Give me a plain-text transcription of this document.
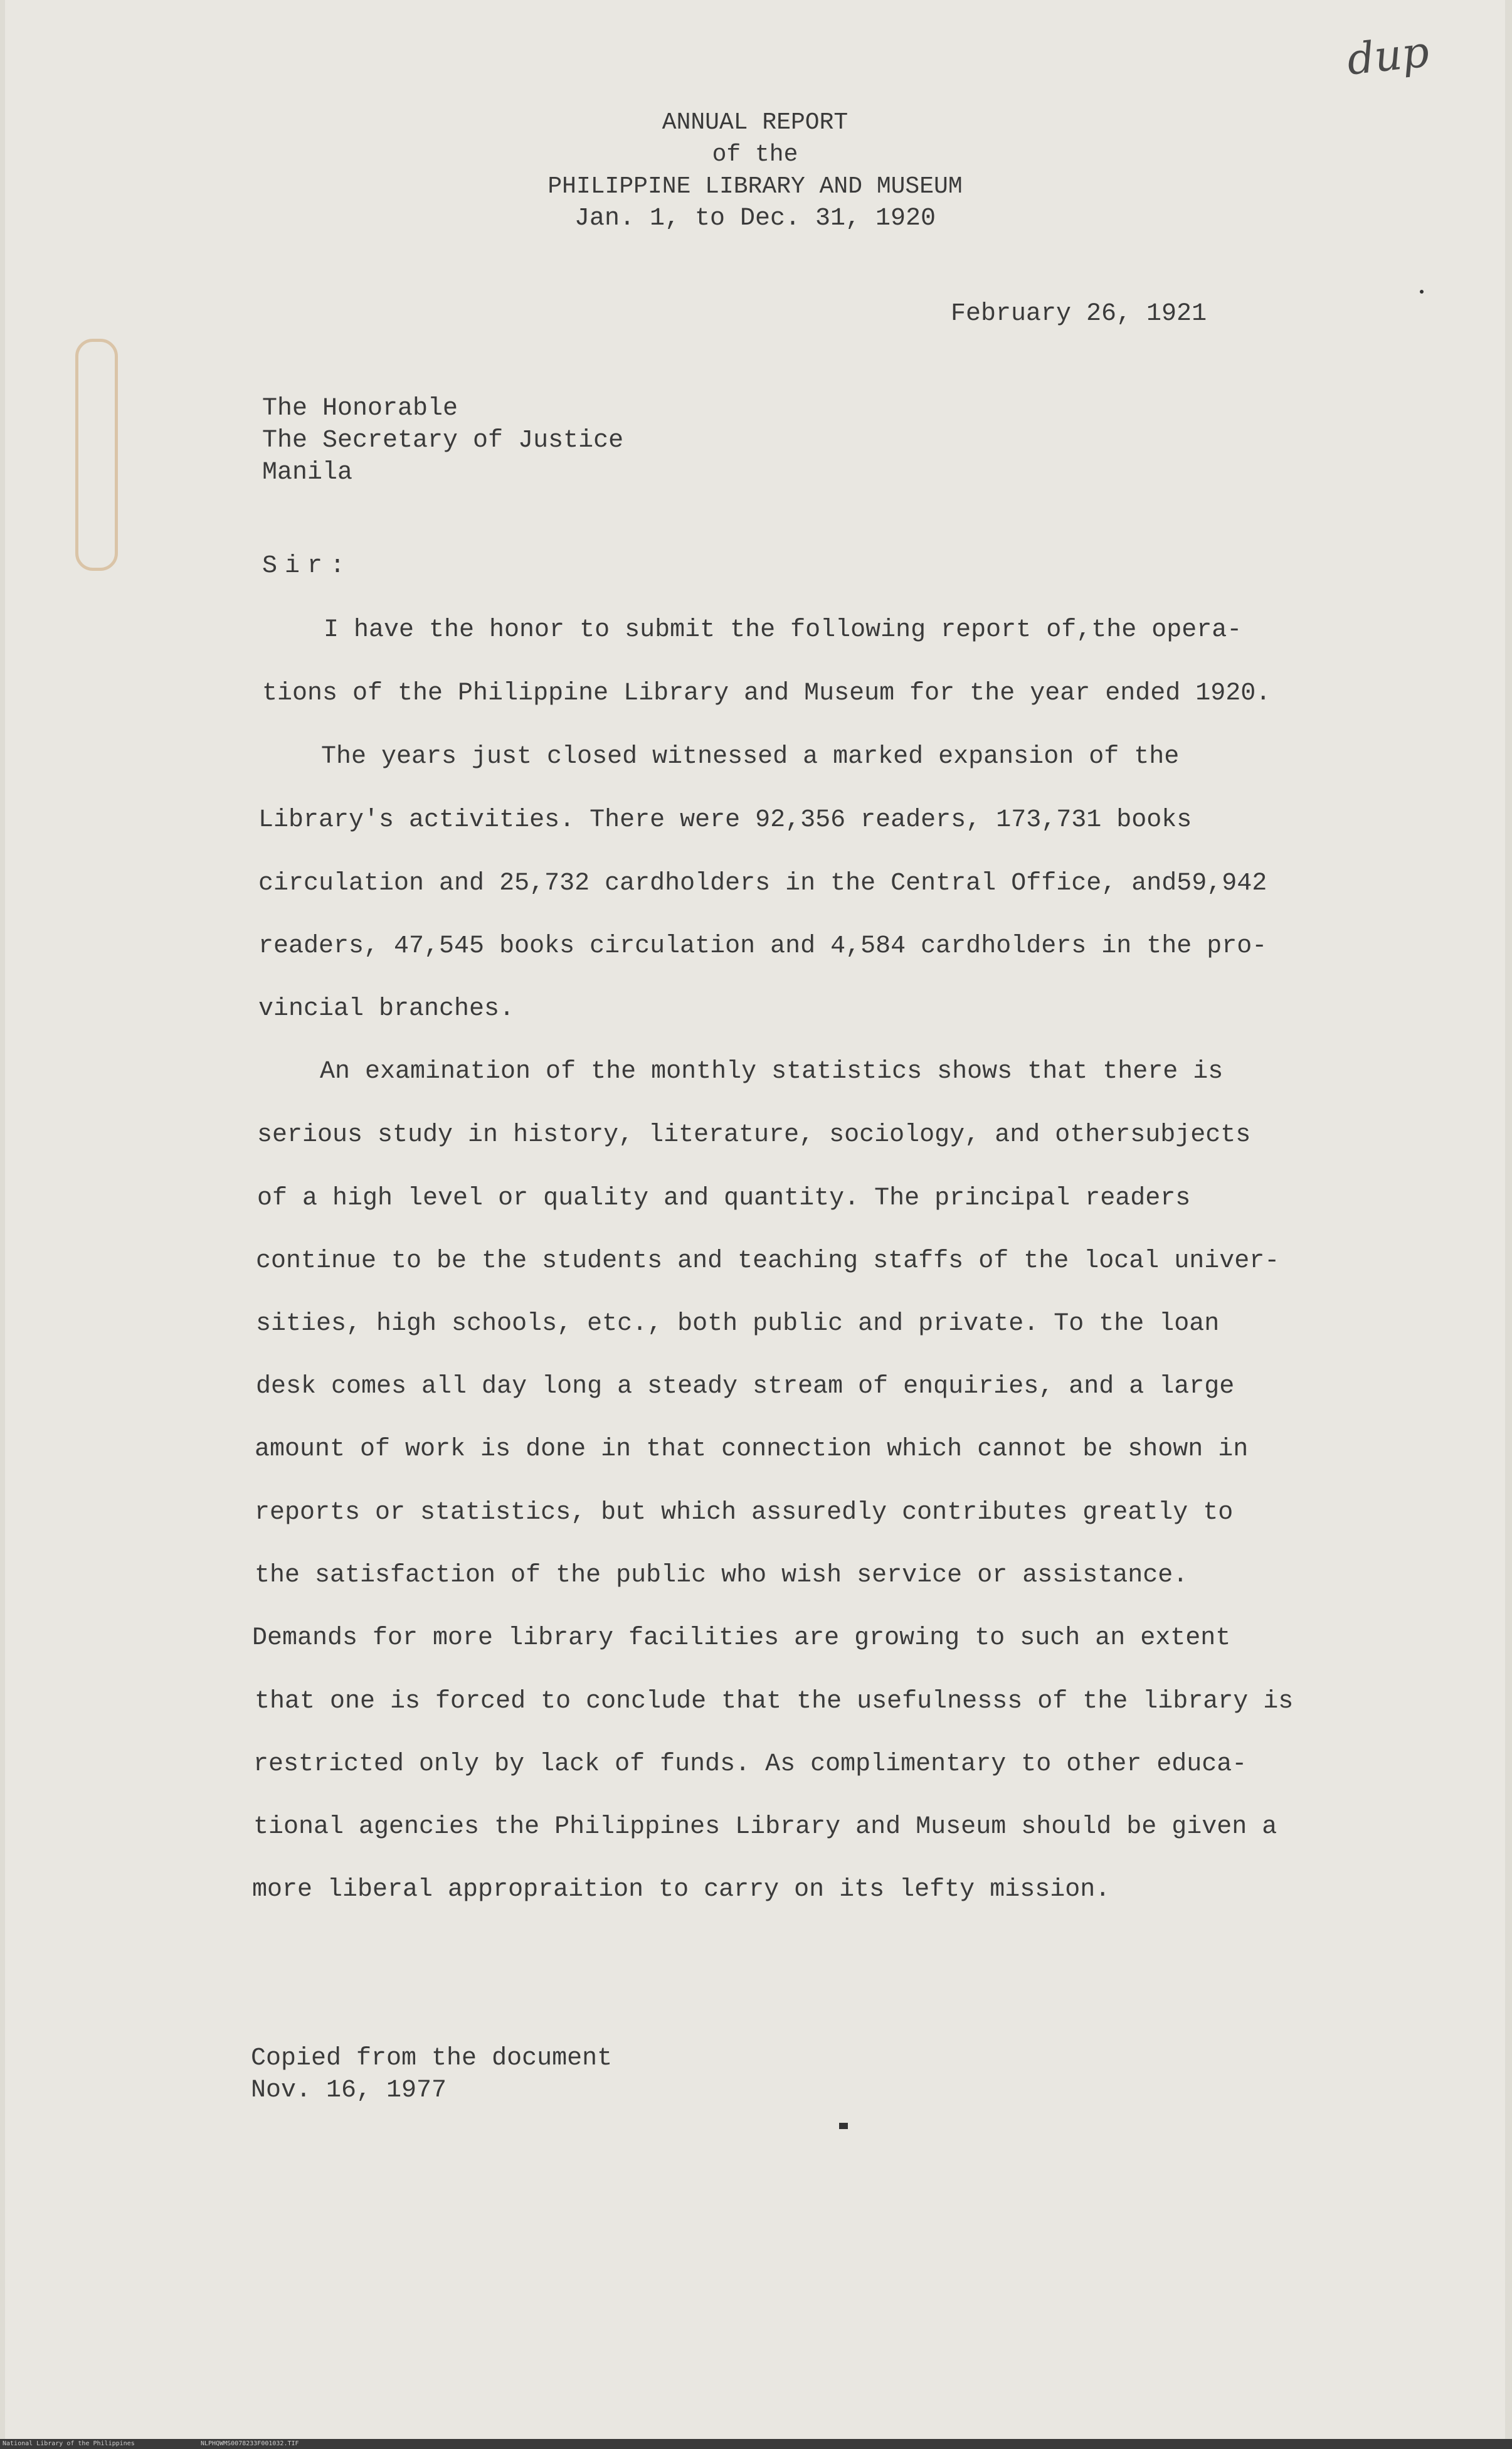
dup
ANNUAL REPORT
of the
PHILIPPINE LIBRARY AND MUSEUM
Jan. 1, to Dec. 31, 1920
February 26, 1921
The Honorable
The Secretary of Justice
Manila
Sir:
I have the honor to submit the following report of,the opera-
tions of the Philippine Library and Museum for the year ended 1920.
The years just closed witnessed a marked expansion of the
Library's activities. There were 92,356 readers, 173,731 books
circulation and 25,732 cardholders in the Central Office, and59,942
readers, 47,545 books circulation and 4,584 cardholders in the pro-
vincial branches.
An examination of the monthly statistics shows that there is
serious study in history, literature, sociology, and othersubjects
of a high level or quality and quantity. The principal readers
continue to be the students and teaching staffs of the local univer-
sities, high schools, etc., both public and private. To the loan
desk comes all day long a steady stream of enquiries, and a large
amount of work is done in that connection which cannot be shown in
reports or statistics, but which assuredly contributes greatly to
the satisfaction of the public who wish service or assistance.
Demands for more library facilities are growing to such an extent
that one is forced to conclude that the usefulnesss of the library is
restricted only by lack of funds. As complimentary to other educa-
tional agencies the Philippines Library and Museum should be given a
more liberal appropraition to carry on its lefty mission.
Copied from the document
Nov. 16, 1977
National Library of the Philippines	NLPHQWMS0078233F001032.TIF
